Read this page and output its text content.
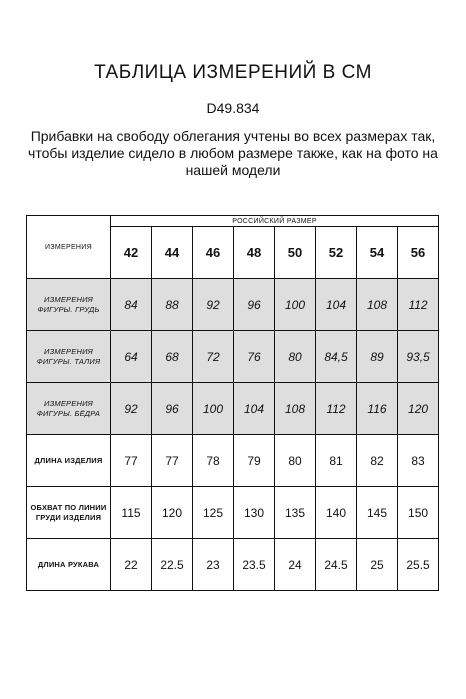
ТАБЛИЦА ИЗМЕРЕНИЙ В СМ
D49.834
Прибавки на свободу облегания учтены во всех размерах так, чтобы изделие сидело в любом размере также, как на фото на нашей модели
ИЗМЕРЕНИЯ	РОССИЙСКИЙ РАЗМЕР							
	42	44	46	48	50	52	54	56
ИЗМЕРЕНИЯ ФИГУРЫ. ГРУДЬ	84	88	92	96	100	104	108	112
ИЗМЕРЕНИЯ ФИГУРЫ. ТАЛИЯ	64	68	72	76	80	84,5	89	93,5
ИЗМЕРЕНИЯ ФИГУРЫ. БЁДРА	92	96	100	104	108	112	116	120
ДЛИНА ИЗДЕЛИЯ	77	77	78	79	80	81	82	83
ОБХВАТ ПО ЛИНИИ ГРУДИ ИЗДЕЛИЯ	115	120	125	130	135	140	145	150
ДЛИНА РУКАВА	22	22.5	23	23.5	24	24.5	25	25.5
